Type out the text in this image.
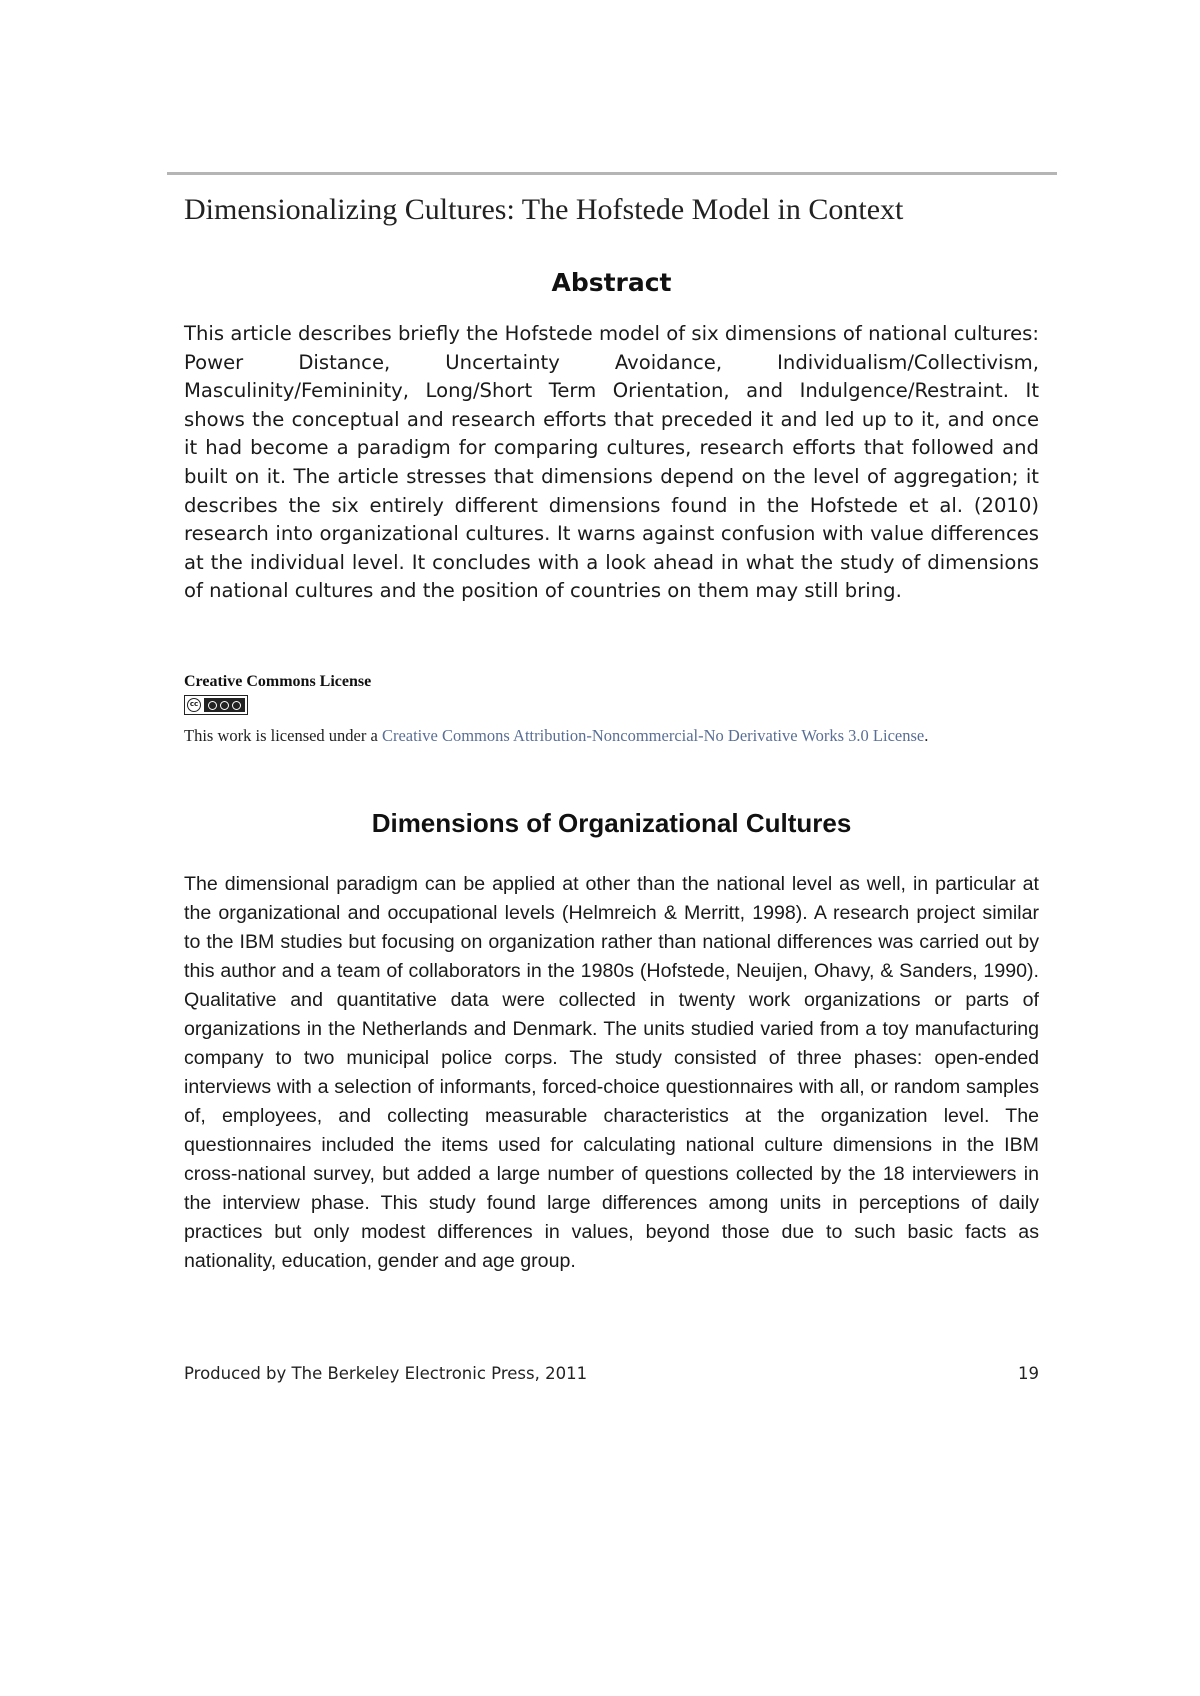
Dimensionalizing Cultures: The Hofstede Model in Context
Abstract
This article describes briefly the Hofstede model of six dimensions of national cultures: Power Distance, Uncertainty Avoidance, Individualism/Collectivism, Masculinity/Femininity, Long/Short Term Orientation, and Indulgence/Restraint. It shows the conceptual and research efforts that preceded it and led up to it, and once it had become a paradigm for comparing cultures, research efforts that followed and built on it. The article stresses that dimensions depend on the level of aggregation; it describes the six entirely different dimensions found in the Hofstede et al. (2010) research into organizational cultures. It warns against confusion with value differences at the individual level. It concludes with a look ahead in what the study of dimensions of national cultures and the position of countries on them may still bring.
Creative Commons License
cc
This work is licensed under a Creative Commons Attribution-Noncommercial-No Derivative Works 3.0 License.
Dimensions of Organizational Cultures
The dimensional paradigm can be applied at other than the national level as well, in particular at the organizational and occupational levels (Helmreich & Merritt, 1998). A research project similar to the IBM studies but focusing on organization rather than national differences was carried out by this author and a team of collaborators in the 1980s (Hofstede, Neuijen, Ohavy, & Sanders, 1990). Qualitative and quantitative data were collected in twenty work organizations or parts of organizations in the Netherlands and Denmark. The units studied varied from a toy manufacturing company to two municipal police corps. The study consisted of three phases: open-ended interviews with a selection of informants, forced-choice questionnaires with all, or random samples of, employees, and collecting measurable characteristics at the organization level. The questionnaires included the items used for calculating national culture dimensions in the IBM cross-national survey, but added a large number of questions collected by the 18 interviewers in the interview phase. This study found large differences among units in perceptions of daily practices but only modest differences in values, beyond those due to such basic facts as nationality, education, gender and age group.
Produced by The Berkeley Electronic Press, 2011	19
